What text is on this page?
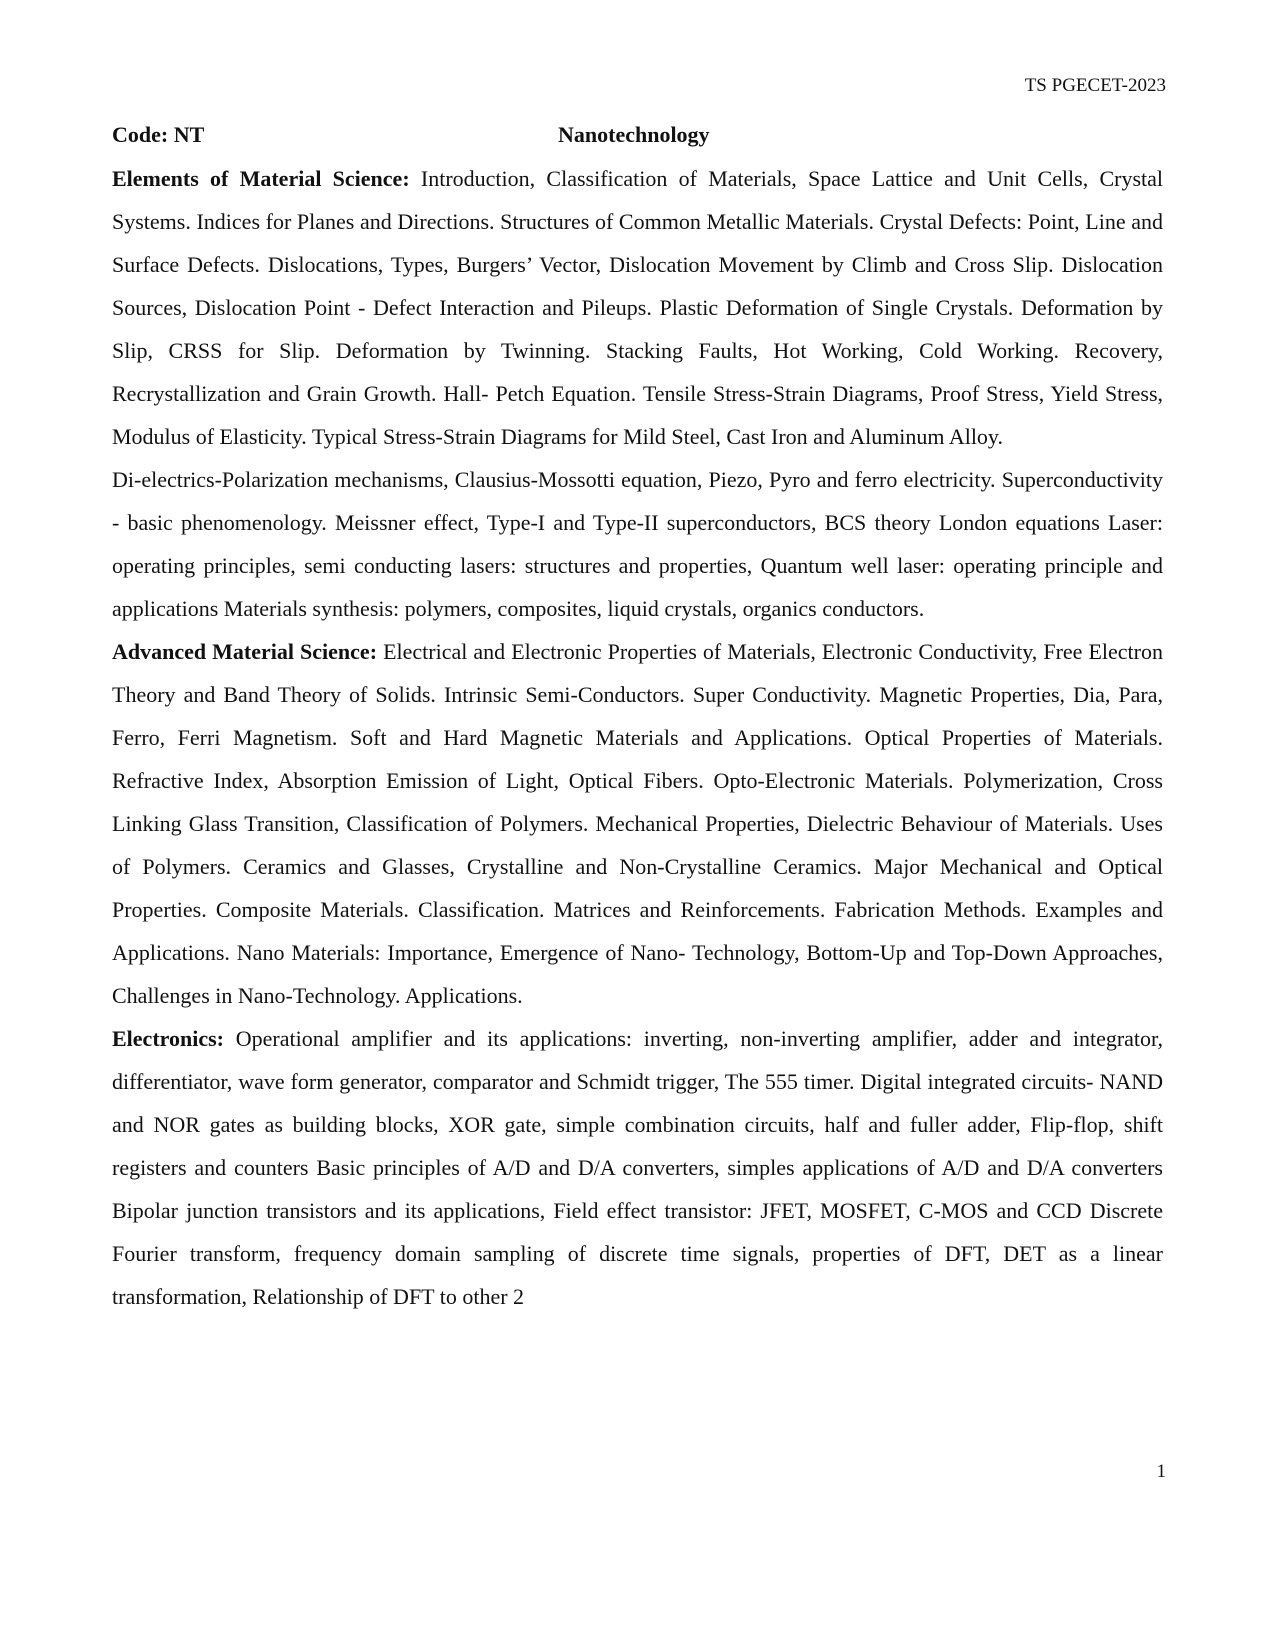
TS PGECET-2023
Code: NT	Nanotechnology

Elements of Material Science: Introduction, Classification of Materials, Space Lattice and Unit Cells, Crystal Systems. Indices for Planes and Directions. Structures of Common Metallic Materials. Crystal Defects: Point, Line and Surface Defects. Dislocations, Types, Burgers’ Vector, Dislocation Movement by Climb and Cross Slip. Dislocation Sources, Dislocation Point - Defect Interaction and Pileups. Plastic Deformation of Single Crystals. Deformation by Slip, CRSS for Slip. Deformation by Twinning. Stacking Faults, Hot Working, Cold Working. Recovery, Recrystallization and Grain Growth. Hall- Petch Equation. Tensile Stress-Strain Diagrams, Proof Stress, Yield Stress, Modulus of Elasticity. Typical Stress-Strain Diagrams for Mild Steel, Cast Iron and Aluminum Alloy.

Di-electrics-Polarization mechanisms, Clausius-Mossotti equation, Piezo, Pyro and ferro electricity. Superconductivity - basic phenomenology. Meissner effect, Type-I and Type-II superconductors, BCS theory London equations Laser: operating principles, semi conducting lasers: structures and properties, Quantum well laser: operating principle and applications Materials synthesis: polymers, composites, liquid crystals, organics conductors.

Advanced Material Science: Electrical and Electronic Properties of Materials, Electronic Conductivity, Free Electron Theory and Band Theory of Solids. Intrinsic Semi-Conductors. Super Conductivity. Magnetic Properties, Dia, Para, Ferro, Ferri Magnetism. Soft and Hard Magnetic Materials and Applications. Optical Properties of Materials. Refractive Index, Absorption Emission of Light, Optical Fibers. Opto-Electronic Materials. Polymerization, Cross Linking Glass Transition, Classification of Polymers. Mechanical Properties, Dielectric Behaviour of Materials. Uses of Polymers. Ceramics and Glasses, Crystalline and Non-Crystalline Ceramics. Major Mechanical and Optical Properties. Composite Materials. Classification. Matrices and Reinforcements. Fabrication Methods. Examples and Applications. Nano Materials: Importance, Emergence of Nano- Technology, Bottom-Up and Top-Down Approaches, Challenges in Nano-Technology. Applications.

Electronics: Operational amplifier and its applications: inverting, non-inverting amplifier, adder and integrator, differentiator, wave form generator, comparator and Schmidt trigger, The 555 timer. Digital integrated circuits- NAND and NOR gates as building blocks, XOR gate, simple combination circuits, half and fuller adder, Flip-flop, shift registers and counters Basic principles of A/D and D/A converters, simples applications of A/D and D/A converters Bipolar junction transistors and its applications, Field effect transistor: JFET, MOSFET, C-MOS and CCD Discrete Fourier transform, frequency domain sampling of discrete time signals, properties of DFT, DET as a linear transformation, Relationship of DFT to other 2

1
